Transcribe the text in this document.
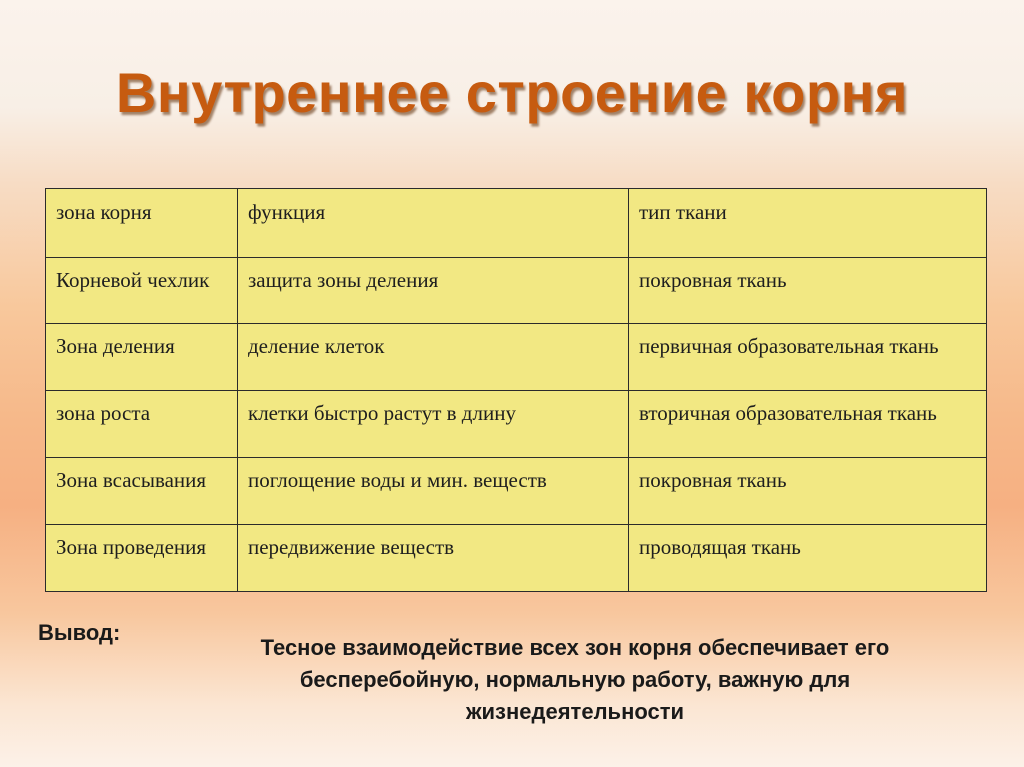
Внутреннее строение корня
зона корня	функция	тип ткани
Корневой чехлик	защита зоны деления	покровная ткань
Зона деления	деление клеток	первичная образовательная ткань
зона роста	клетки быстро растут в длину	вторичная образовательная ткань
Зона всасывания	поглощение воды и мин. веществ	покровная ткань
Зона проведения	передвижение веществ	проводящая ткань
Вывод:
Тесное взаимодействие всех зон корня обеспечивает его бесперебойную, нормальную работу, важную для жизнедеятельности
